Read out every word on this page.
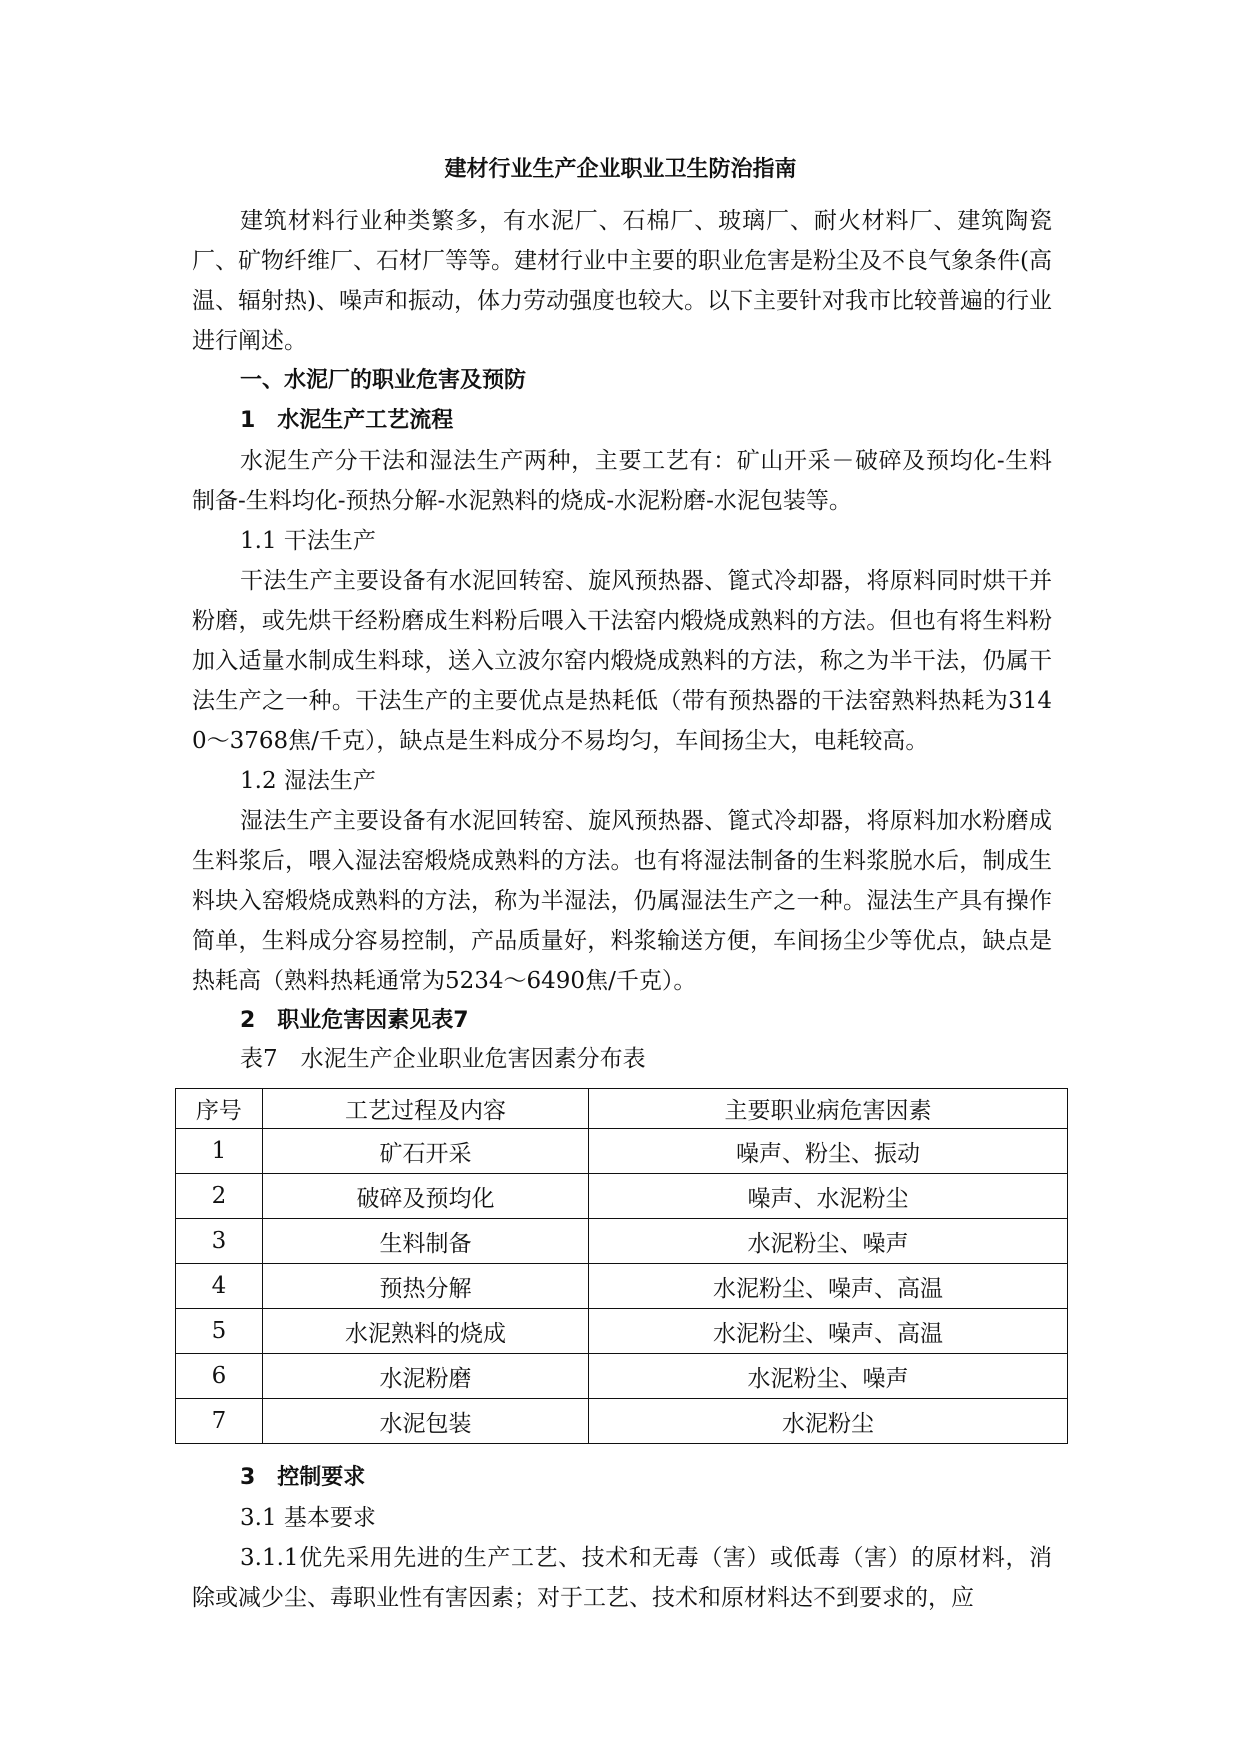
建材行业生产企业职业卫生防治指南

建筑材料行业种类繁多，有水泥厂、石棉厂、玻璃厂、耐火材料厂、建筑陶瓷厂、矿物纤维厂、石材厂等等。建材行业中主要的职业危害是粉尘及不良气象条件(高温、辐射热)、噪声和振动，体力劳动强度也较大。以下主要针对我市比较普遍的行业进行阐述。

一、水泥厂的职业危害及预防

1　水泥生产工艺流程

水泥生产分干法和湿法生产两种，主要工艺有：矿山开采－破碎及预均化-生料制备-生料均化-预热分解-水泥熟料的烧成-水泥粉磨-水泥包装等。

1.1 干法生产

干法生产主要设备有水泥回转窑、旋风预热器、篦式冷却器，将原料同时烘干并粉磨，或先烘干经粉磨成生料粉后喂入干法窑内煅烧成熟料的方法。但也有将生料粉加入适量水制成生料球，送入立波尔窑内煅烧成熟料的方法，称之为半干法，仍属干法生产之一种。干法生产的主要优点是热耗低（带有预热器的干法窑熟料热耗为3140～3768焦/千克），缺点是生料成分不易均匀，车间扬尘大，电耗较高。

1.2 湿法生产

湿法生产主要设备有水泥回转窑、旋风预热器、篦式冷却器，将原料加水粉磨成生料浆后，喂入湿法窑煅烧成熟料的方法。也有将湿法制备的生料浆脱水后，制成生料块入窑煅烧成熟料的方法，称为半湿法，仍属湿法生产之一种。湿法生产具有操作简单，生料成分容易控制，产品质量好，料浆输送方便，车间扬尘少等优点，缺点是热耗高（熟料热耗通常为5234～6490焦/千克）。

2　职业危害因素见表7

表7　水泥生产企业职业危害因素分布表

序号	工艺过程及内容	主要职业病危害因素
1	矿石开采	噪声、粉尘、振动
2	破碎及预均化	噪声、水泥粉尘
3	生料制备	水泥粉尘、噪声
4	预热分解	水泥粉尘、噪声、高温
5	水泥熟料的烧成	水泥粉尘、噪声、高温
6	水泥粉磨	水泥粉尘、噪声
7	水泥包装	水泥粉尘

3　控制要求

3.1 基本要求

3.1.1优先采用先进的生产工艺、技术和无毒（害）或低毒（害）的原材料，消除或减少尘、毒职业性有害因素；对于工艺、技术和原材料达不到要求的，应
